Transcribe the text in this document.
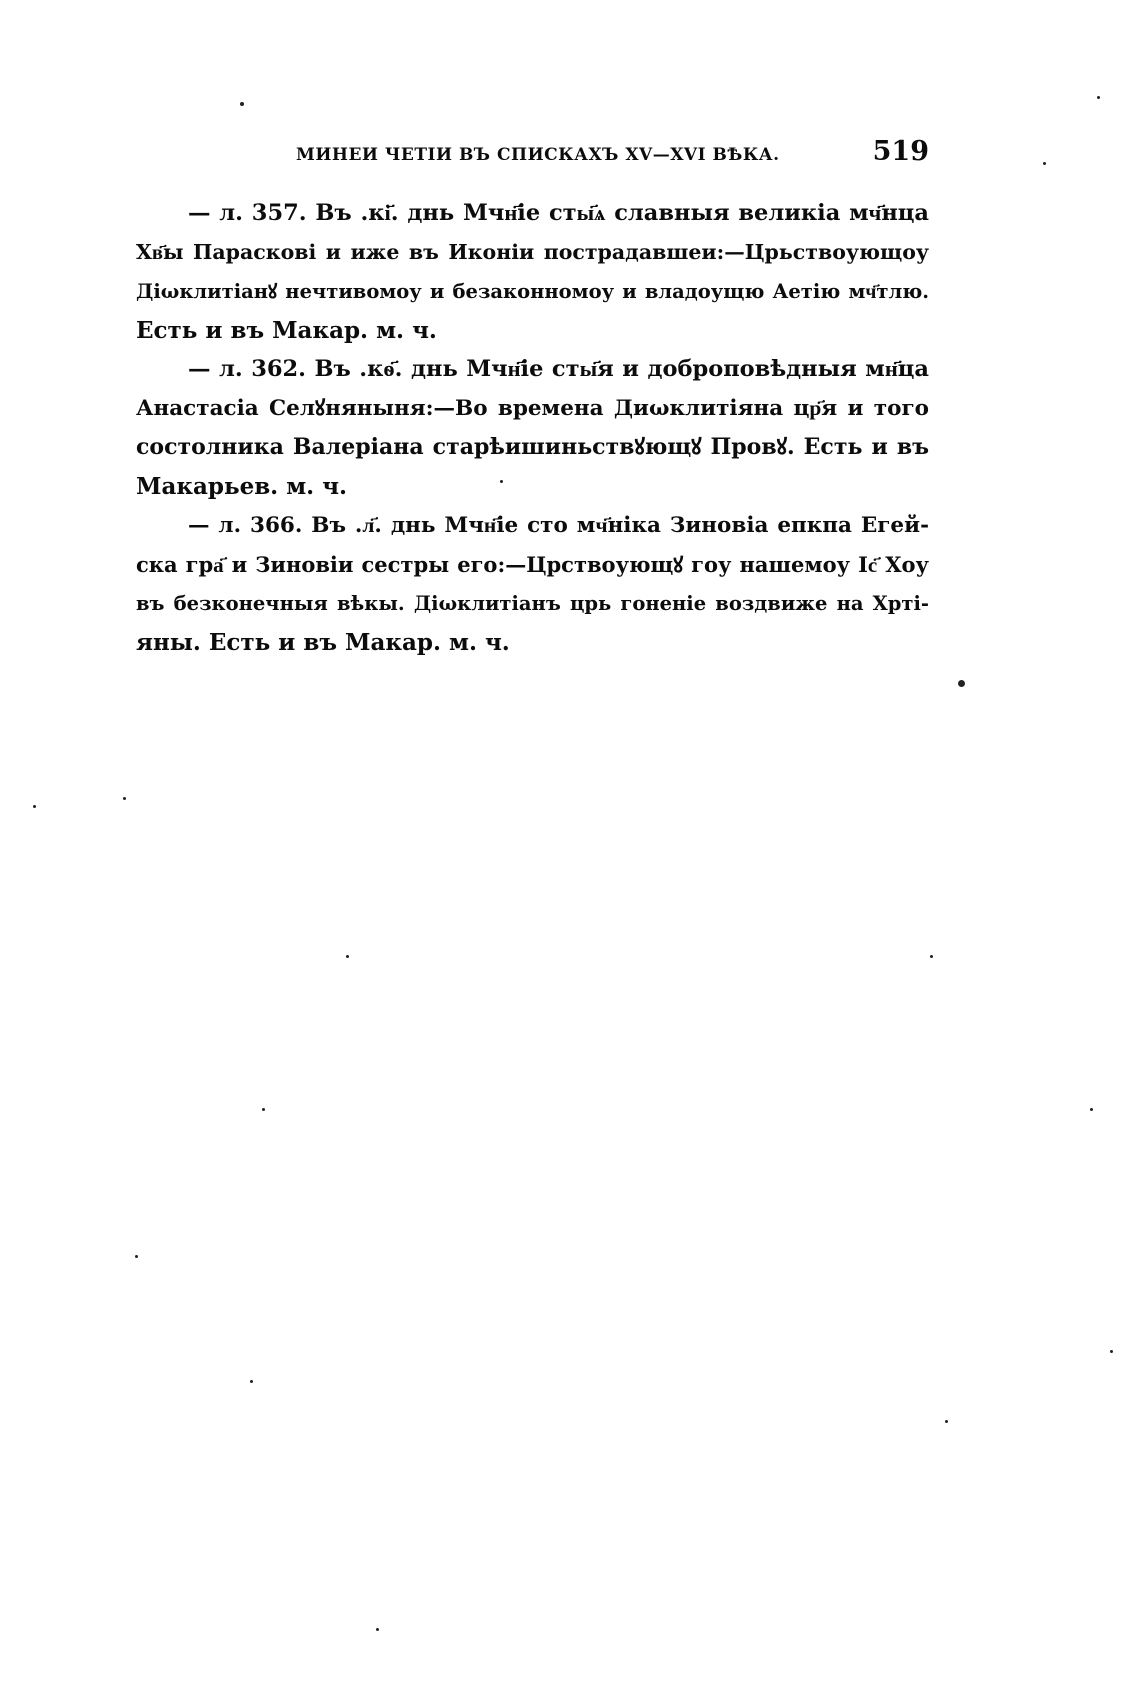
МИНЕИ ЧЕТІИ ВЪ СПИСКАХЪ XV—XVI ВѢКА.	519
— л. 357. Въ .кі҃. днь Мчн҃іе сты҃ѧ славныя великіа мч҃нца
Хв҃ы Параскові и иже въ Иконіи пострадавшеи:—Црьствоующоу
Діωклитіанꙋ нечтивомоу и безаконномоу и владоущю Аетію мч҃тлю.
Есть и въ Макар. м. ч.
— л. 362. Въ .кѳ҃. днь Мчн҃іе сты҃я и доброповѣдныя мн҃ца
Анастасіа Селꙋняныня:—Во времена Диωклитіяна цр҃я и того
состолника Валеріана старѣишиньствꙋющꙋ Провꙋ. Есть и въ
Макарьев. м. ч.
— л. 366. Въ .л҃. днь Мчн҃іе сто мч҃ніка Зиновіа епкпа Егей-
ска гра҃ и Зиновіи сестры его:—Црствоующꙋ гоу нашемоу Іс҃ Хоу
въ безконечныя вѣкы. Діωклитіанъ црь гоненіе воздвиже на Хрті-
яны. Есть и въ Макар. м. ч.
